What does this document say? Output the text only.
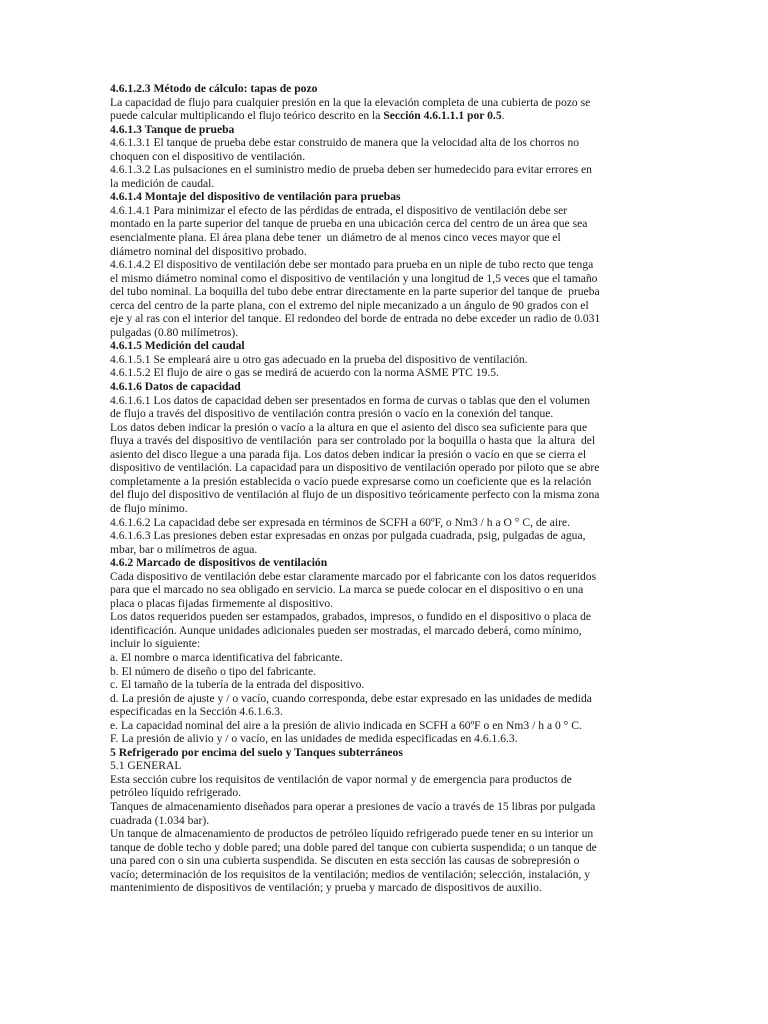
4.6.1.2.3 Método de cálculo: tapas de pozo
La capacidad de flujo para cualquier presión en la que la elevación completa de una cubierta de pozo se
puede calcular multiplicando el flujo teórico descrito en la Sección 4.6.1.1.1 por 0.5.
4.6.1.3 Tanque de prueba
4.6.1.3.1 El tanque de prueba debe estar construido de manera que la velocidad alta de los chorros no
choquen con el dispositivo de ventilación.
4.6.1.3.2 Las pulsaciones en el suministro medio de prueba deben ser humedecido para evitar errores en
la medición de caudal.
4.6.1.4 Montaje del dispositivo de ventilación para pruebas
4.6.1.4.1 Para minimizar el efecto de las pérdidas de entrada, el dispositivo de ventilación debe ser
montado en la parte superior del tanque de prueba en una ubicación cerca del centro de un área que sea
esencialmente plana. El área plana debe tener  un diámetro de al menos cinco veces mayor que el
diámetro nominal del dispositivo probado.
4.6.1.4.2 El dispositivo de ventilación debe ser montado para prueba en un niple de tubo recto que tenga
el mismo diámetro nominal como el dispositivo de ventilación y una longitud de 1,5 veces que el tamaño
del tubo nominal. La boquilla del tubo debe entrar directamente en la parte superior del tanque de  prueba
cerca del centro de la parte plana, con el extremo del niple mecanizado a un ángulo de 90 grados con el
eje y al ras con el interior del tanque. El redondeo del borde de entrada no debe exceder un radio de 0.031
pulgadas (0.80 milímetros).
4.6.1.5 Medición del caudal
4.6.1.5.1 Se empleará aire u otro gas adecuado en la prueba del dispositivo de ventilación.
4.6.1.5.2 El flujo de aire o gas se medirá de acuerdo con la norma ASME PTC 19.5.
4.6.1.6 Datos de capacidad
4.6.1.6.1 Los datos de capacidad deben ser presentados en forma de curvas o tablas que den el volumen
de flujo a través del dispositivo de ventilación contra presión o vacío en la conexión del tanque.
Los datos deben indicar la presión o vacío a la altura en que el asiento del disco sea suficiente para que
fluya a través del dispositivo de ventilación  para ser controlado por la boquilla o hasta que  la altura  del
asiento del disco llegue a una parada fija. Los datos deben indicar la presión o vacío en que se cierra el
dispositivo de ventilación. La capacidad para un dispositivo de ventilación operado por piloto que se abre
completamente a la presión establecida o vacío puede expresarse como un coeficiente que es la relación
del flujo del dispositivo de ventilación al flujo de un dispositivo teóricamente perfecto con la misma zona
de flujo mínimo.
4.6.1.6.2 La capacidad debe ser expresada en términos de SCFH a 60ºF, o Nm3 / h a O ° C, de aire.
4.6.1.6.3 Las presiones deben estar expresadas en onzas por pulgada cuadrada, psig, pulgadas de agua,
mbar, bar o milímetros de agua.
4.6.2 Marcado de dispositivos de ventilación
Cada dispositivo de ventilación debe estar claramente marcado por el fabricante con los datos requeridos
para que el marcado no sea obligado en servicio. La marca se puede colocar en el dispositivo o en una
placa o placas fijadas firmemente al dispositivo.
Los datos requeridos pueden ser estampados, grabados, impresos, o fundido en el dispositivo o placa de
identificación. Aunque unidades adicionales pueden ser mostradas, el marcado deberá, como mínimo,
incluir lo siguiente:
a. El nombre o marca identificativa del fabricante.
b. El número de diseño o tipo del fabricante.
c. El tamaño de la tubería de la entrada del dispositivo.
d. La presión de ajuste y / o vacío, cuando corresponda, debe estar expresado en las unidades de medida
especificadas en la Sección 4.6.1.6.3.
e. La capacidad nominal del aire a la presión de alivio indicada en SCFH a 60ºF o en Nm3 / h a 0 ° C.
F. La presión de alivio y / o vacío, en las unidades de medida especificadas en 4.6.1.6.3.
5 Refrigerado por encima del suelo y Tanques subterráneos
5.1 GENERAL
Esta sección cubre los requisitos de ventilación de vapor normal y de emergencia para productos de
petróleo líquido refrigerado.
Tanques de almacenamiento diseñados para operar a presiones de vacío a través de 15 libras por pulgada
cuadrada (1.034 bar).
Un tanque de almacenamiento de productos de petróleo líquido refrigerado puede tener en su interior un
tanque de doble techo y doble pared; una doble pared del tanque con cubierta suspendida; o un tanque de
una pared con o sin una cubierta suspendida. Se discuten en esta sección las causas de sobrepresión o
vacío; determinación de los requisitos de la ventilación; medios de ventilación; selección, instalación, y
mantenimiento de dispositivos de ventilación; y prueba y marcado de dispositivos de auxilio.
